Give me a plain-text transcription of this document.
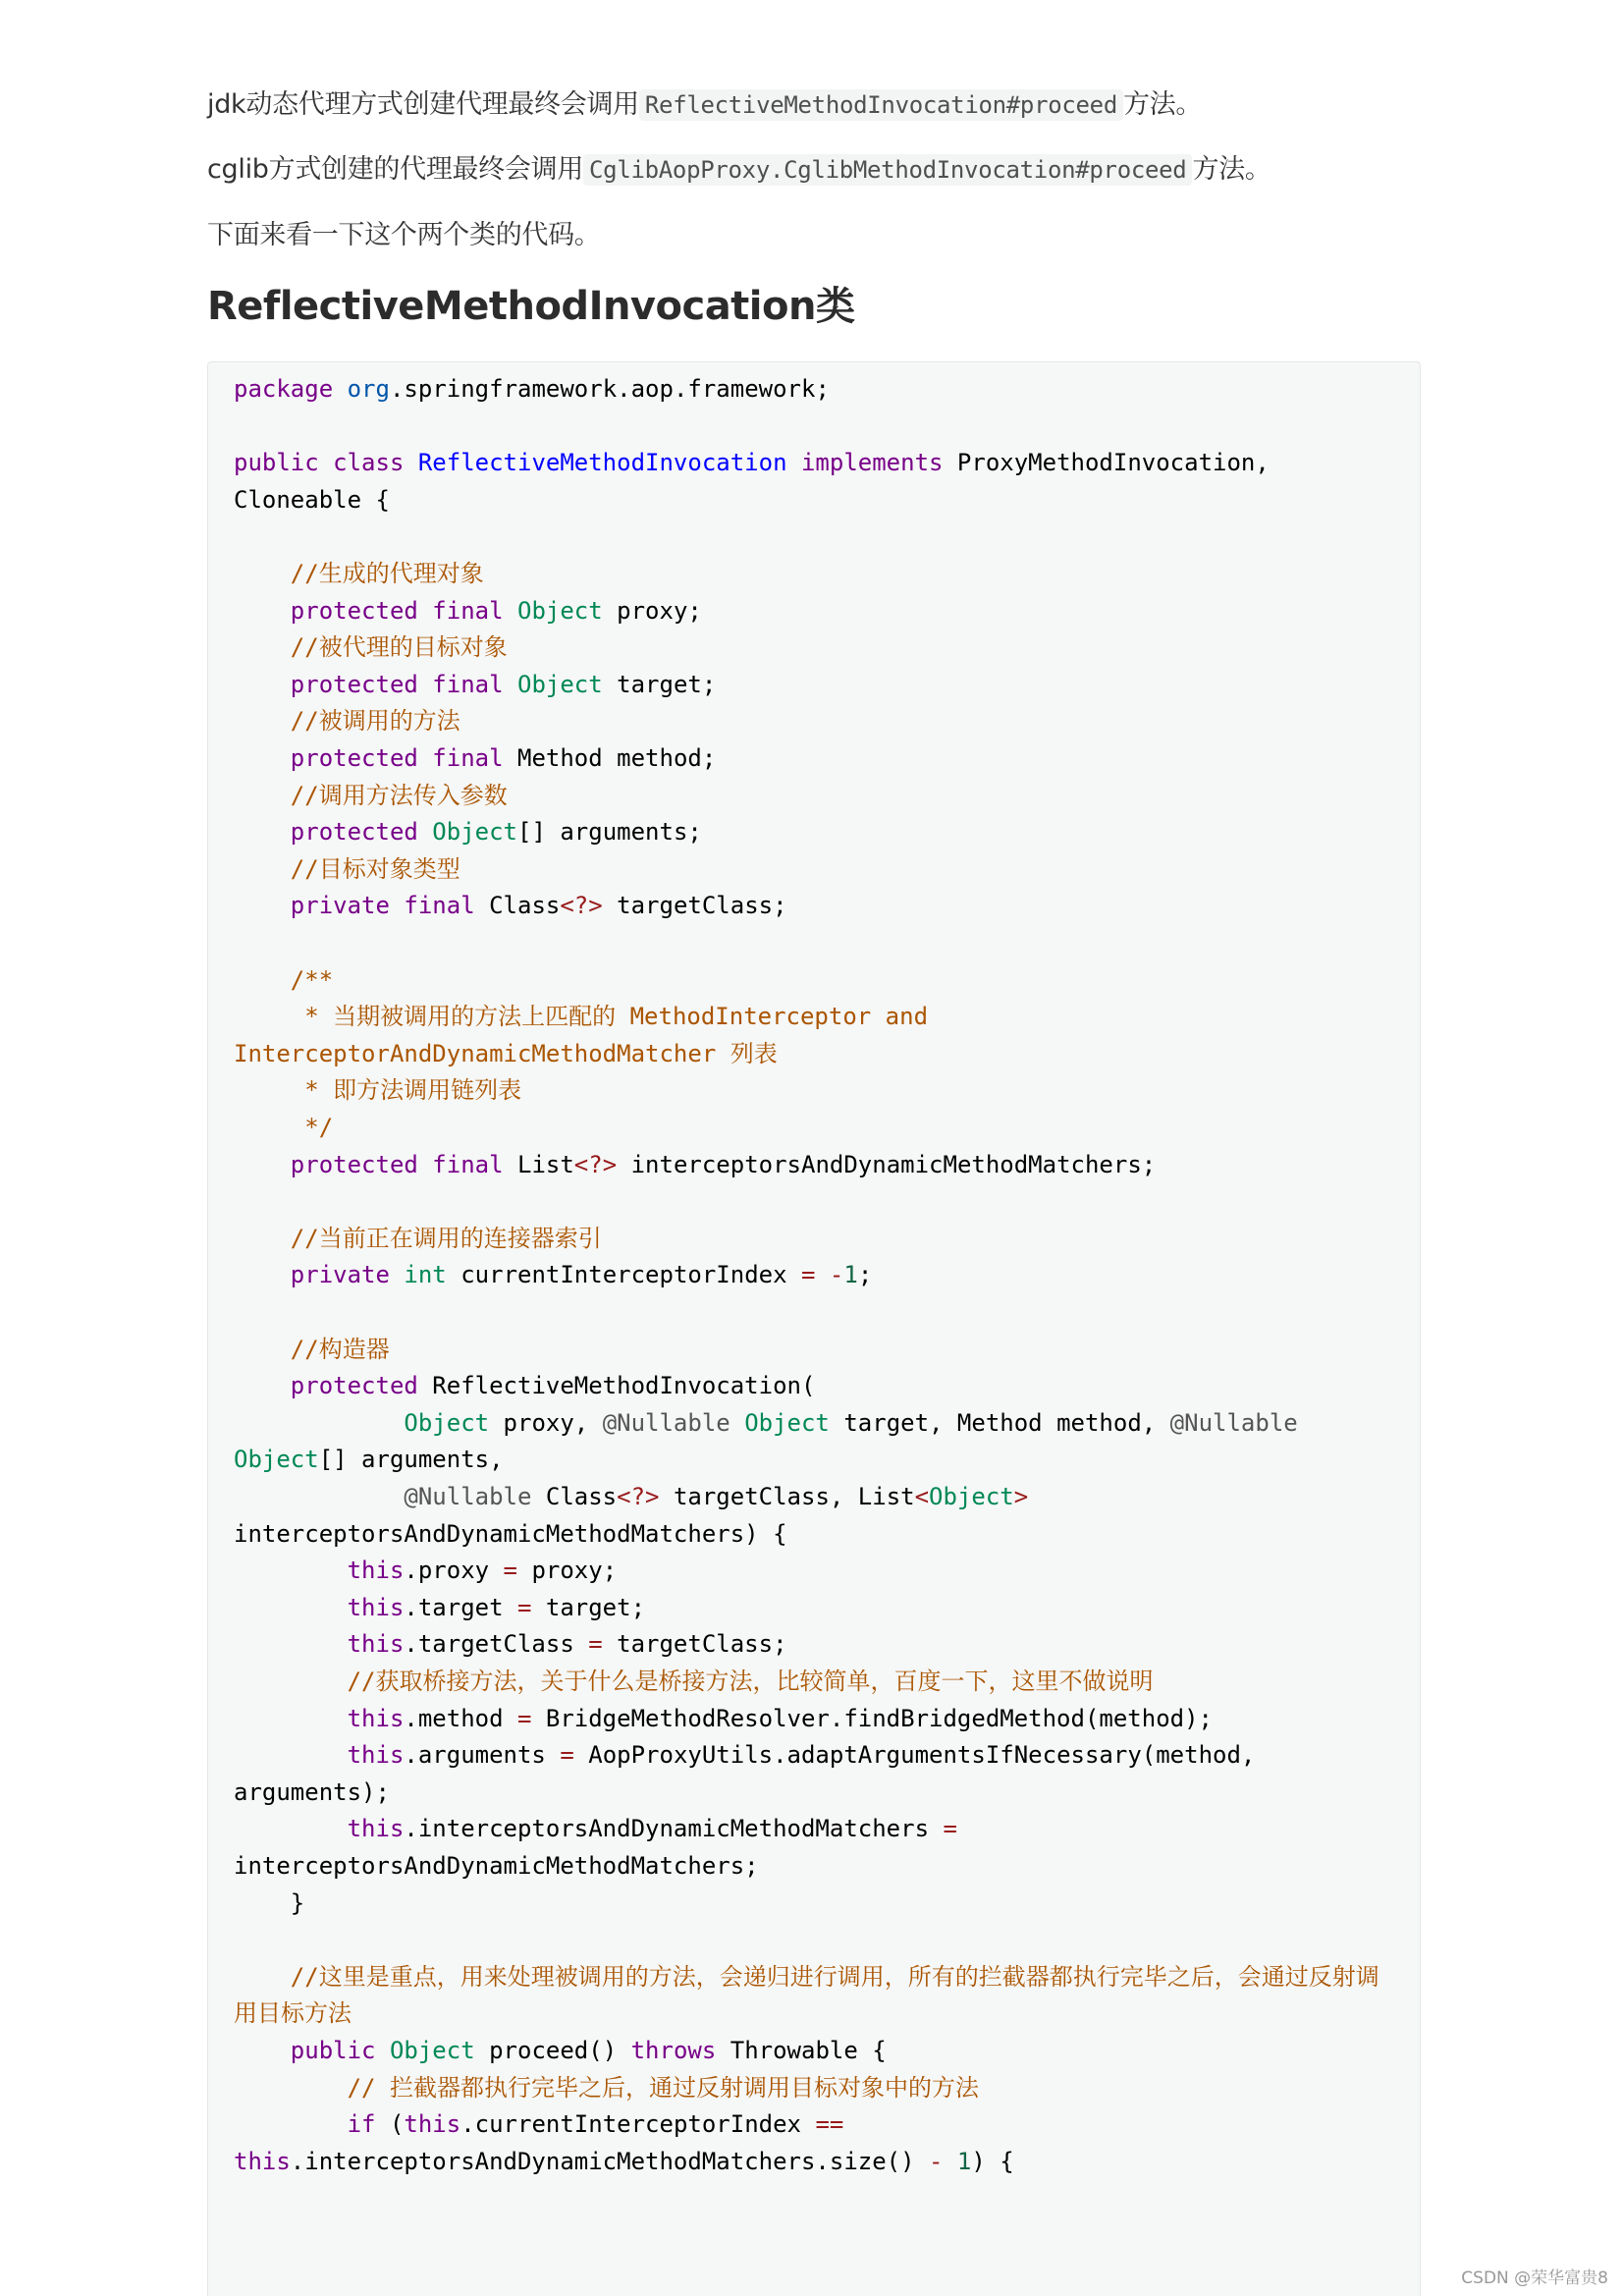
jdk动态代理方式创建代理最终会调用 ReflectiveMethodInvocation#proceed 方法。

cglib方式创建的代理最终会调用 CglibAopProxy.CglibMethodInvocation#proceed 方法。

下面来看一下这个两个类的代码。

ReflectiveMethodInvocation类
package org.springframework.aop.framework;
public class ReflectiveMethodInvocation implements ProxyMethodInvocation,
Cloneable {
//生成的代理对象
protected final Object proxy;
//被代理的目标对象
protected final Object target;
//被调用的方法
protected final Method method;
//调用方法传入参数
protected Object[] arguments;
//目标对象类型
private final Class<?> targetClass;
/**
* 当期被调用的方法上匹配的 MethodInterceptor and
InterceptorAndDynamicMethodMatcher 列表
* 即方法调用链列表
*/
protected final List<?> interceptorsAndDynamicMethodMatchers;
//当前正在调用的连接器索引
private int currentInterceptorIndex = -1;
//构造器
protected ReflectiveMethodInvocation(
Object proxy, @Nullable Object target, Method method, @Nullable
Object[] arguments,
@Nullable Class<?> targetClass, List<Object>
interceptorsAndDynamicMethodMatchers) {
this.proxy = proxy;
this.target = target;
this.targetClass = targetClass;
//获取桥接方法，关于什么是桥接方法，比较简单，百度一下，这里不做说明
this.method = BridgeMethodResolver.findBridgedMethod(method);
this.arguments = AopProxyUtils.adaptArgumentsIfNecessary(method,
arguments);
this.interceptorsAndDynamicMethodMatchers =
interceptorsAndDynamicMethodMatchers;
}
//这里是重点，用来处理被调用的方法，会递归进行调用，所有的拦截器都执行完毕之后，会通过反射调
用目标方法
public Object proceed() throws Throwable {
// 拦截器都执行完毕之后，通过反射调用目标对象中的方法
if (this.currentInterceptorIndex ==
this.interceptorsAndDynamicMethodMatchers.size() - 1) {
CSDN @荣华富贵8
